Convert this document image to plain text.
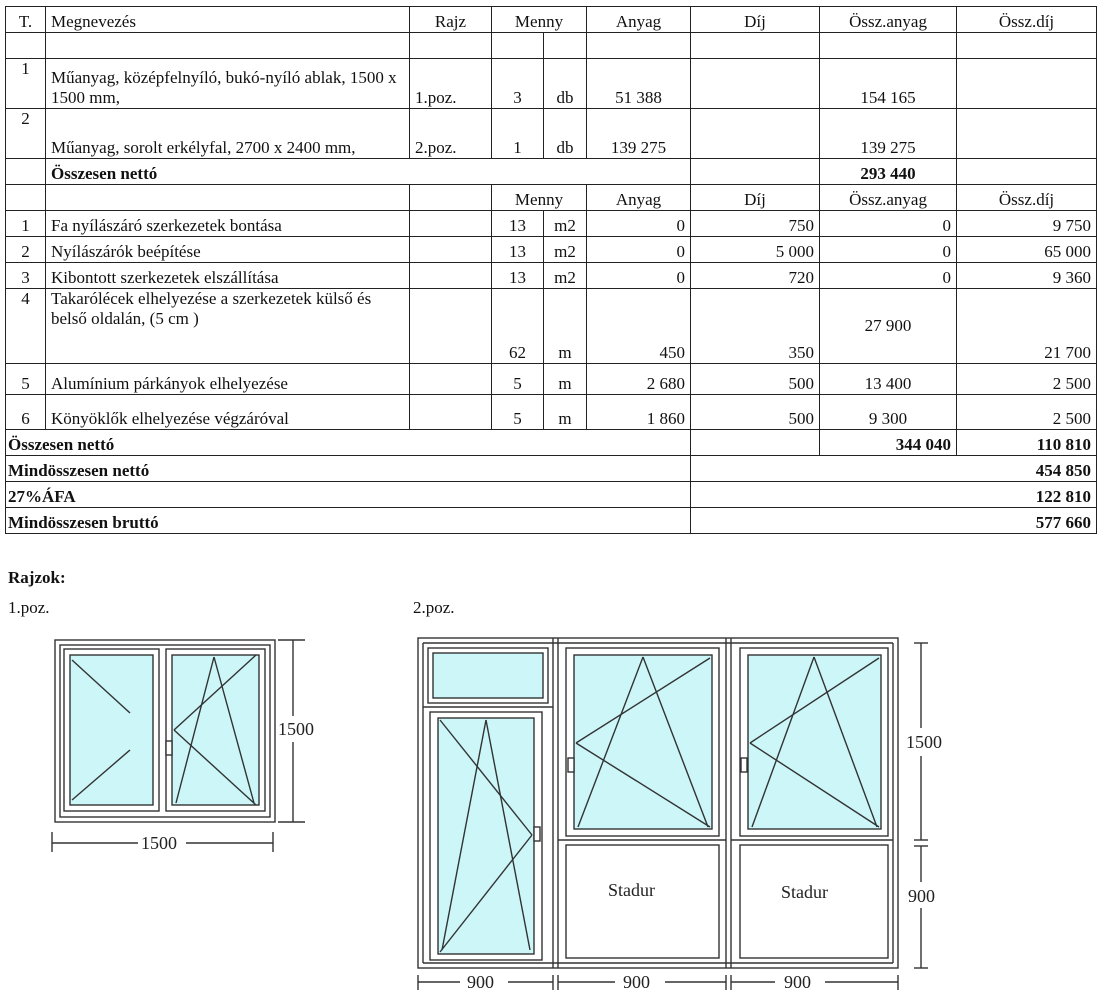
T.	Megnevezés	Rajz	Menny		Anyag	Díj	Össz.anyag	Össz.díj

1	Műanyag, középfelnyíló, bukó-nyíló ablak, 1500 x 1500 mm,	1.poz.	3	db	51 388		154 165	
2	Műanyag, sorolt erkélyfal, 2700 x 2400 mm,	2.poz.	1	db	139 275		139 275	
	Összesen nettó						293 440	
			Menny		Anyag	Díj	Össz.anyag	Össz.díj
1	Fa nyílászáró szerkezetek bontása		13	m2	0	750	0	9 750
2	Nyílászárók beépítése		13	m2	0	5 000	0	65 000
3	Kibontott szerkezetek elszállítása		13	m2	0	720	0	9 360
4	Takarólécek elhelyezése a szerkezetek külső és belső oldalán, (5 cm )		62	m	450	350	27 900	21 700
5	Alumínium párkányok elhelyezése		5	m	2 680	500	13 400	2 500
6	Könyöklők elhelyezése végzáróval		5	m	1 860	500	9 300	2 500
Összesen nettó							344 040	110 810
Mindösszesen nettó						454 850		
27%ÁFA						122 810		
Mindösszesen bruttó						577 660		
Rajzok:
1.poz.	2.poz.
1500
1500
1500
900
900	900	900
Stadur	Stadur
